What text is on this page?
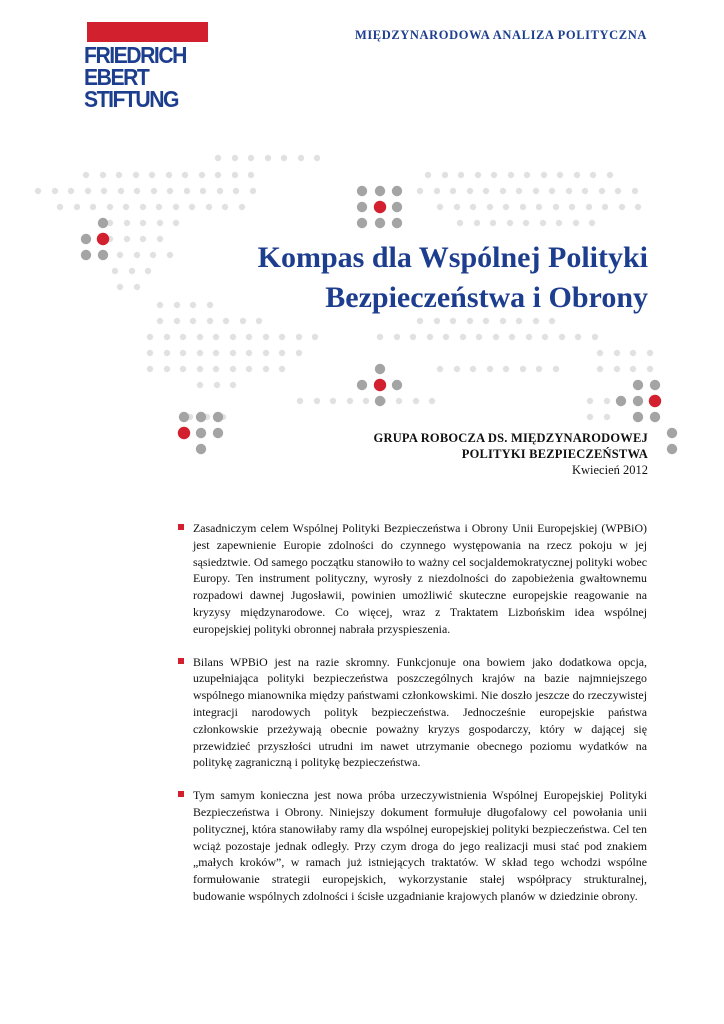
FRIEDRICH
EBERT
STIFTUNG
MIĘDZYNARODOWA ANALIZA POLITYCZNA
Kompas dla Wspólnej Polityki
Bezpieczeństwa i Obrony
GRUPA ROBOCZA DS. MIĘDZYNARODOWEJ
POLITYKI BEZPIECZEŃSTWA
Kwiecień 2012
Zasadniczym celem Wspólnej Polityki Bezpieczeństwa i Obrony Unii Europejskiej (WPBiO) jest zapewnienie Europie zdolności do czynnego występowania na rzecz pokoju w jej sąsiedztwie. Od samego początku stanowiło to ważny cel socjaldemokratycznej polityki wobec Europy. Ten instrument polityczny, wyrosły z niezdolności do zapobieżenia gwałtownemu rozpadowi dawnej Jugosławii, powinien umożliwić skuteczne europejskie reagowanie na kryzysy międzynarodowe. Co więcej, wraz z Traktatem Lizbońskim idea wspólnej europejskiej polityki obronnej nabrała przyspieszenia.
Bilans WPBiO jest na razie skromny. Funkcjonuje ona bowiem jako dodatkowa opcja, uzupełniająca polityki bezpieczeństwa poszczególnych krajów na bazie najmniejszego wspólnego mianownika między państwami członkowskimi. Nie doszło jeszcze do rzeczywistej integracji narodowych polityk bezpieczeństwa. Jednocześnie europejskie państwa członkowskie przeżywają obecnie poważny kryzys gospodarczy, który w dającej się przewidzieć przyszłości utrudni im nawet utrzymanie obecnego poziomu wydatków na politykę zagraniczną i politykę bezpieczeństwa.
Tym samym konieczna jest nowa próba urzeczywistnienia Wspólnej Europejskiej Polityki Bezpieczeństwa i Obrony. Niniejszy dokument formułuje długofalowy cel powołania unii politycznej, która stanowiłaby ramy dla wspólnej europejskiej polityki bezpieczeństwa. Cel ten wciąż pozostaje jednak odległy. Przy czym droga do jego realizacji musi stać pod znakiem „małych kroków”, w ramach już istniejących traktatów. W skład tego wchodzi wspólne formułowanie strategii europejskich, wykorzystanie stałej współpracy strukturalnej, budowanie wspólnych zdolności i ścisłe uzgadnianie krajowych planów w dziedzinie obrony.
